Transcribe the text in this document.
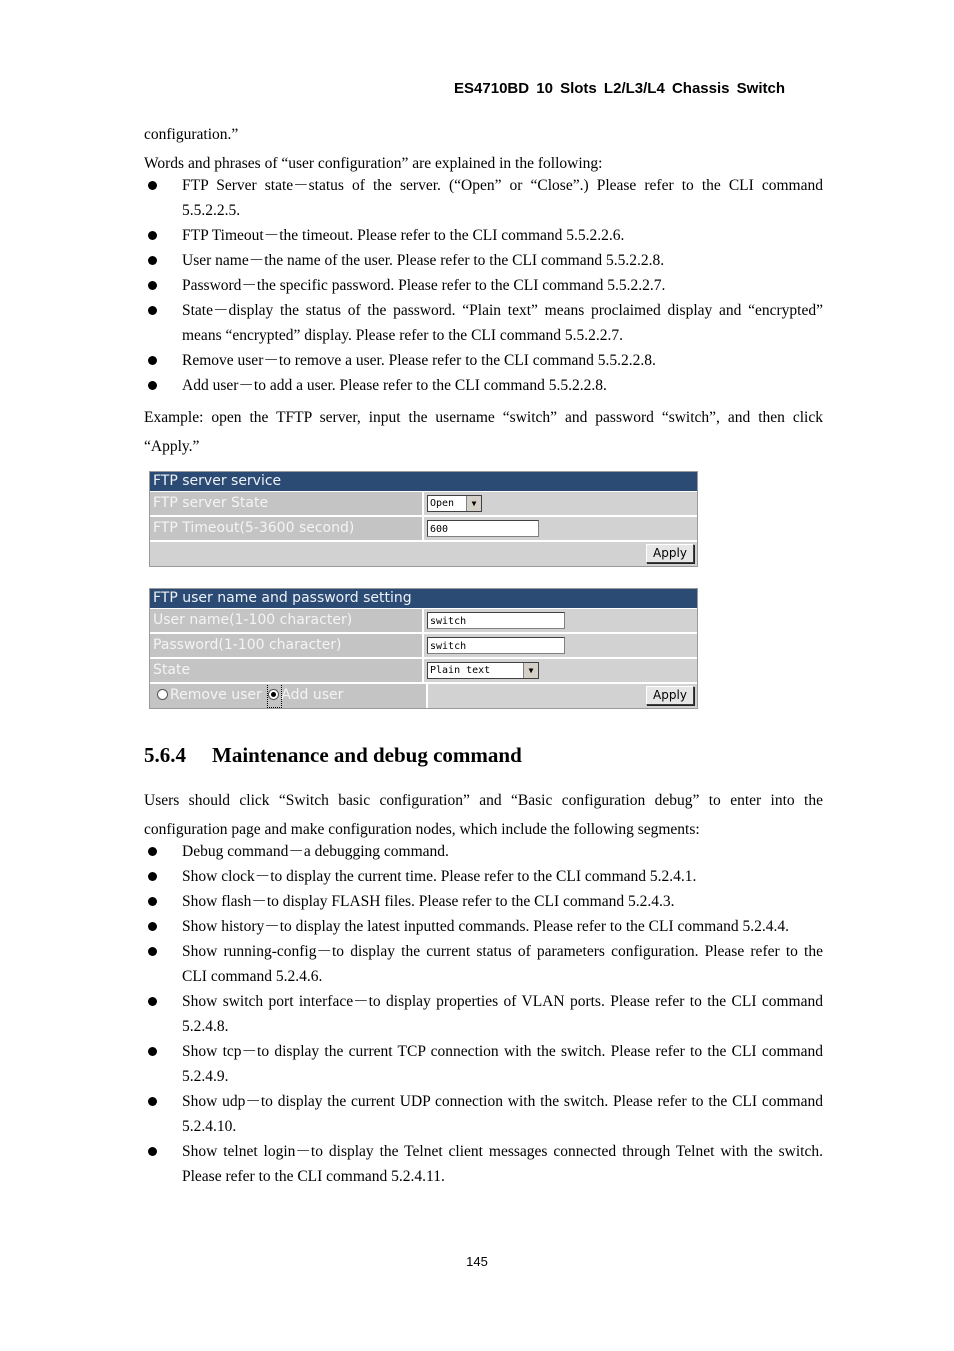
ES4710BD 10 Slots L2/L3/L4 Chassis Switch
configuration.”
Words and phrases of “user configuration” are explained in the following:
FTP Server state－status of the server. (“Open” or “Close”.) Please refer to the CLI command 5.5.2.2.5.
FTP Timeout－the timeout. Please refer to the CLI command 5.5.2.2.6.
User name－the name of the user. Please refer to the CLI command 5.5.2.2.8.
Password－the specific password. Please refer to the CLI command 5.5.2.2.7.
State－display the status of the password. “Plain text” means proclaimed display and “encrypted” means “encrypted” display. Please refer to the CLI command 5.5.2.2.7.
Remove user－to remove a user. Please refer to the CLI command 5.5.2.2.8.
Add user－to add a user. Please refer to the CLI command 5.5.2.2.8.
Example: open the TFTP server, input the username “switch” and password “switch”, and then click “Apply.”
FTP server service
FTP server State	Open	▼
FTP Timeout(5-3600 second)	600
Apply
FTP user name and password setting
User name(1-100 character)	switch
Password(1-100 character)	switch
State	Plain text	▼
Remove user Add user	Apply
5.6.4 Maintenance and debug command
Users should click “Switch basic configuration” and “Basic configuration debug” to enter into the configuration page and make configuration nodes, which include the following segments:
Debug command－a debugging command.
Show clock－to display the current time. Please refer to the CLI command 5.2.4.1.
Show flash－to display FLASH files. Please refer to the CLI command 5.2.4.3.
Show history－to display the latest inputted commands. Please refer to the CLI command 5.2.4.4.
Show running-config－to display the current status of parameters configuration. Please refer to the CLI command 5.2.4.6.
Show switch port interface－to display properties of VLAN ports. Please refer to the CLI command 5.2.4.8.
Show tcp－to display the current TCP connection with the switch. Please refer to the CLI command 5.2.4.9.
Show udp－to display the current UDP connection with the switch. Please refer to the CLI command 5.2.4.10.
Show telnet login－to display the Telnet client messages connected through Telnet with the switch. Please refer to the CLI command 5.2.4.11.
145
